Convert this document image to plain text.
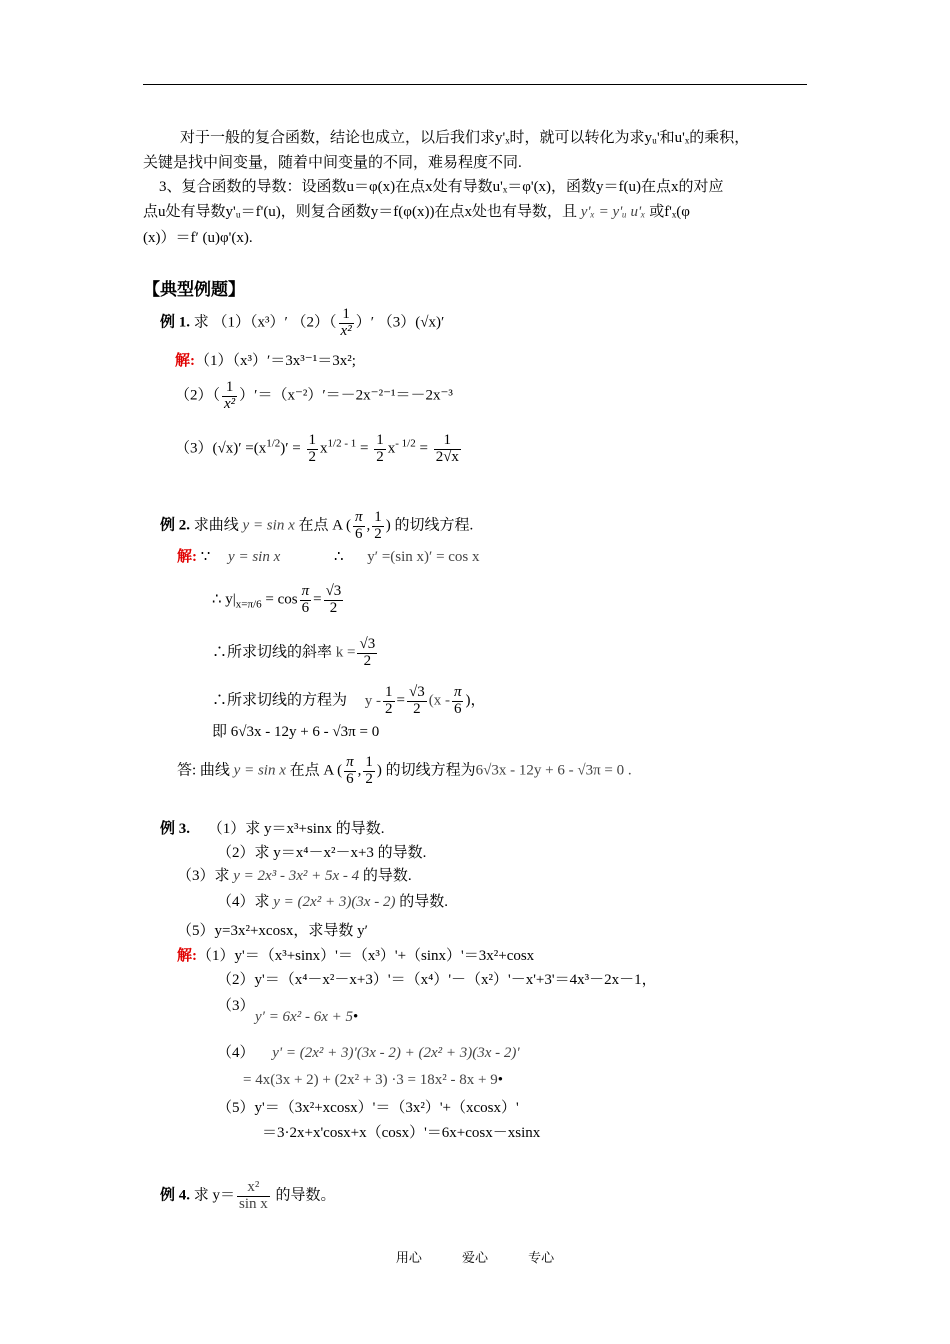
对于一般的复合函数，结论也成立，以后我们求y'ₓ时，就可以转化为求yᵤ'和u'ₓ的乘积，
关键是找中间变量，随着中间变量的不同，难易程度不同.
3、复合函数的导数：设函数u＝φ(x)在点x处有导数u'ₓ＝φ'(x)，函数y＝f(u)在点x的对应
点u处有导数y'ᵤ＝f'(u)，则复合函数y＝f(φ(x))在点x处也有导数，且 y'ₓ = y'ᵤ u'ₓ 或f'ₓ(φ
(x)）＝f′ (u)φ'(x).
【典型例题】
例 1. 求 （1）（x³）′ $(2)( \frac{1}{\text{x²}}$ ）′ （3）(√x)′
解:（1）（x³）′＝3x³⁻¹＝3x²;
$(2)( \frac{1}{\text{x²}} )'=(x^{-2})'=-2x^{-2-1}=-2x^{-3}$
$(3)(√x)' =(x^{1/2})' = \frac{1}{2} x^{1/2 - 1} = \frac{1}{2} x^{- 1/2} = \frac{1}{2√x}$
例 2. 求曲线 y = sin x 在点 A ( $\frac{\pi}{6}$ , $\frac{1}{2}$ ) 的切线方程.
解: ∵ y = sin x	∴ y′ =(sin x)′ = cos x
∴ $y|_{x=\pi/6} = \cos \frac{\pi}{6} = \frac{√3}{2}$
∴所求切线的斜率 $k = \frac{√3}{2}$
∴所求切线的方程为 $y - \frac{1}{2} = \frac{√3}{2} (x - \frac{\pi}{6}$ )，
即 6√3x - 12y + 6 - √3π = 0
答: 曲线 y = sin x 在点 A ( $\frac{\pi}{6}$ , $\frac{1}{2}$ ) 的切线方程为6√3x - 12y + 6 - √3π = 0 .
例 3. （1）求 y＝x³+sinx 的导数.
（2）求 y＝x⁴－x²－x+3 的导数.
（3）求 y = 2x³ - 3x² + 5x - 4 的导数.
（4）求 y = (2x² + 3)(3x - 2) 的导数.
（5）y=3x²+xcosx，求导数 y′
解:（1）y'＝（x³+sinx）'＝（x³）'+（sinx）'＝3x²+cosx
（2）y'＝（x⁴－x²－x+3）'＝（x⁴）'－（x²）'－x'+3'＝4x³－2x－1，
（3）
y′ = 6x² - 6x + 5•
（4） y' = (2x² + 3)'(3x - 2) + (2x² + 3)(3x - 2)'
= 4x(3x + 2) + (2x² + 3) ·3 = 18x² - 8x + 9•
（5）y'＝（3x²+xcosx）'＝（3x²）'+（xcosx）'
＝3·2x+x'cosx+x（cosx）'＝6x+cosx－xsinx
例 4. 求 $y= \frac{\text{x²}}{\text{sin x}}$ 的导数。
用心	爱心	专心
